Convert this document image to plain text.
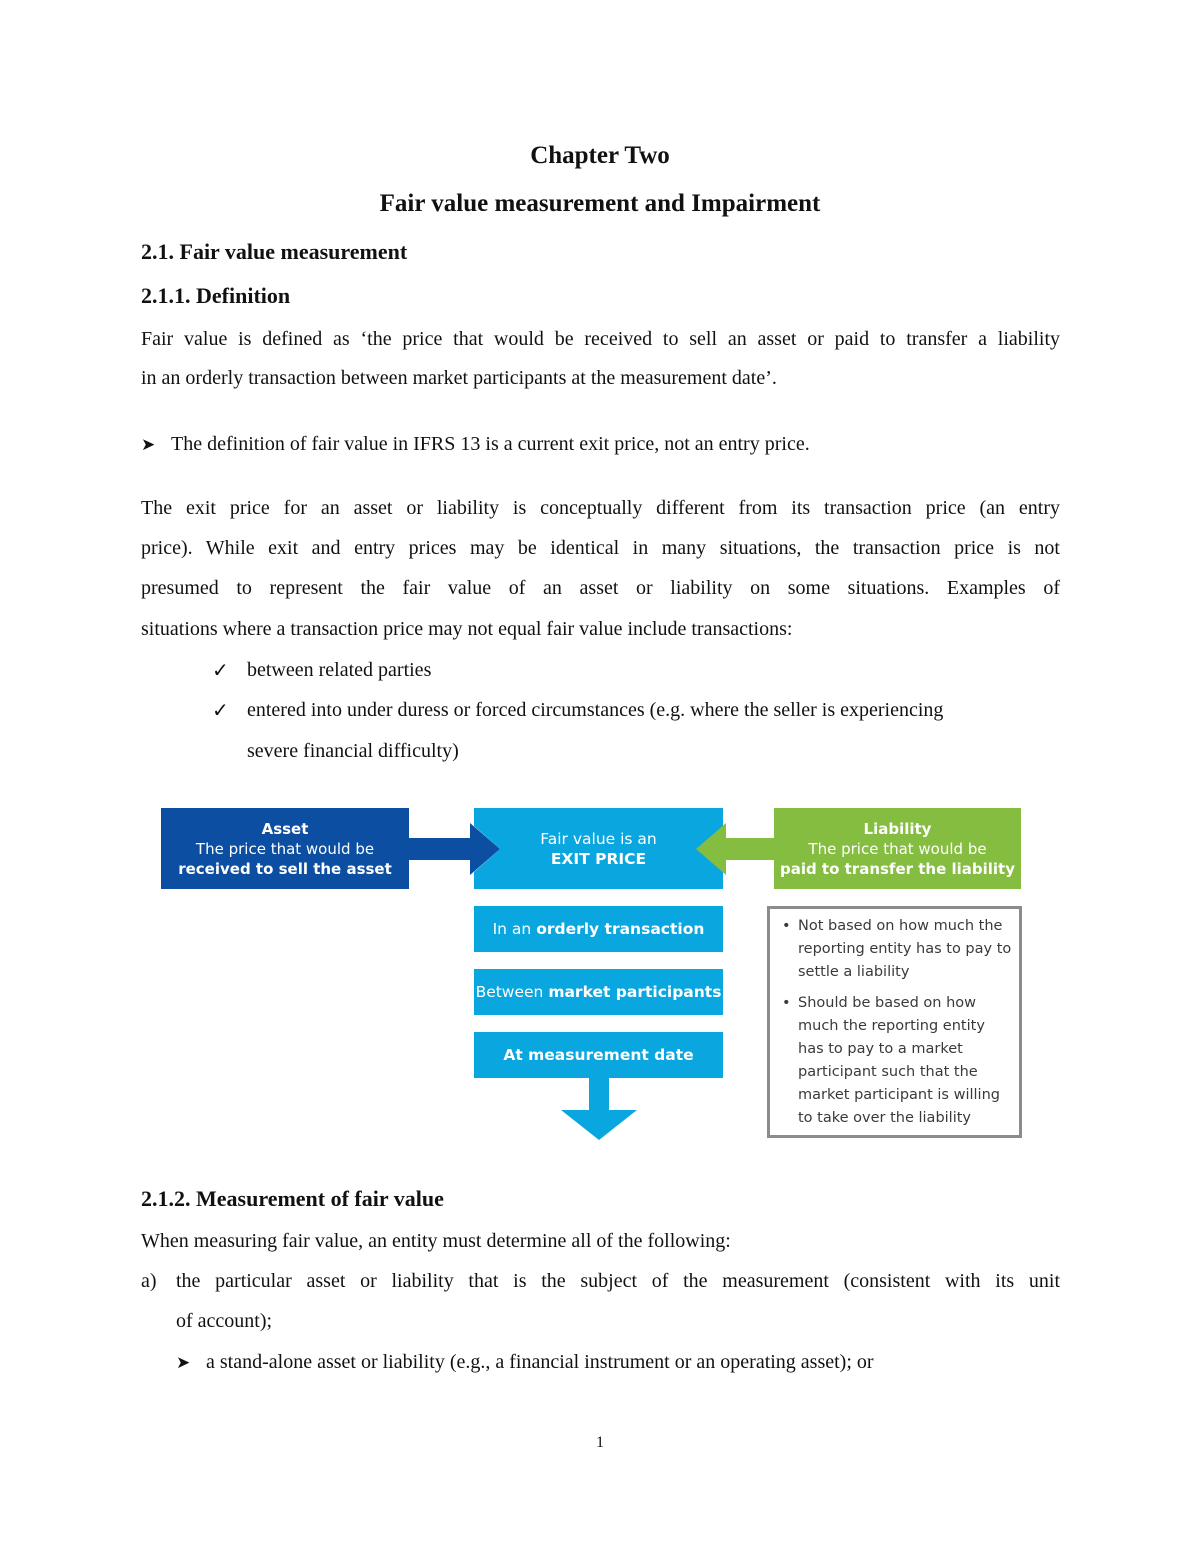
Chapter Two
Fair value measurement and Impairment
2.1. Fair value measurement
2.1.1. Definition
Fair value is defined as ‘the price that would be received to sell an asset or paid to transfer a liability
in an orderly transaction between market participants at the measurement date’.
➤ The definition of fair value in IFRS 13 is a current exit price, not an entry price.
The exit price for an asset or liability is conceptually different from its transaction price (an entry
price). While exit and entry prices may be identical in many situations, the transaction price is not
presumed to represent the fair value of an asset or liability on some situations. Examples of
situations where a transaction price may not equal fair value include transactions:
✓ between related parties
✓ entered into under duress or forced circumstances (e.g. where the seller is experiencing
severe financial difficulty)
Asset
The price that would be
received to sell the asset
Fair value is an
EXIT PRICE
Liability
The price that would be
paid to transfer the liability
In an orderly transaction
Between market participants
At measurement date
• Not based on how much the reporting entity has to pay to settle a liability
• Should be based on how much the reporting entity has to pay to a market participant such that the market participant is willing to take over the liability
2.1.2. Measurement of fair value
When measuring fair value, an entity must determine all of the following:
a) the particular asset or liability that is the subject of the measurement (consistent with its unit
of account);
➤ a stand-alone asset or liability (e.g., a financial instrument or an operating asset); or
1
